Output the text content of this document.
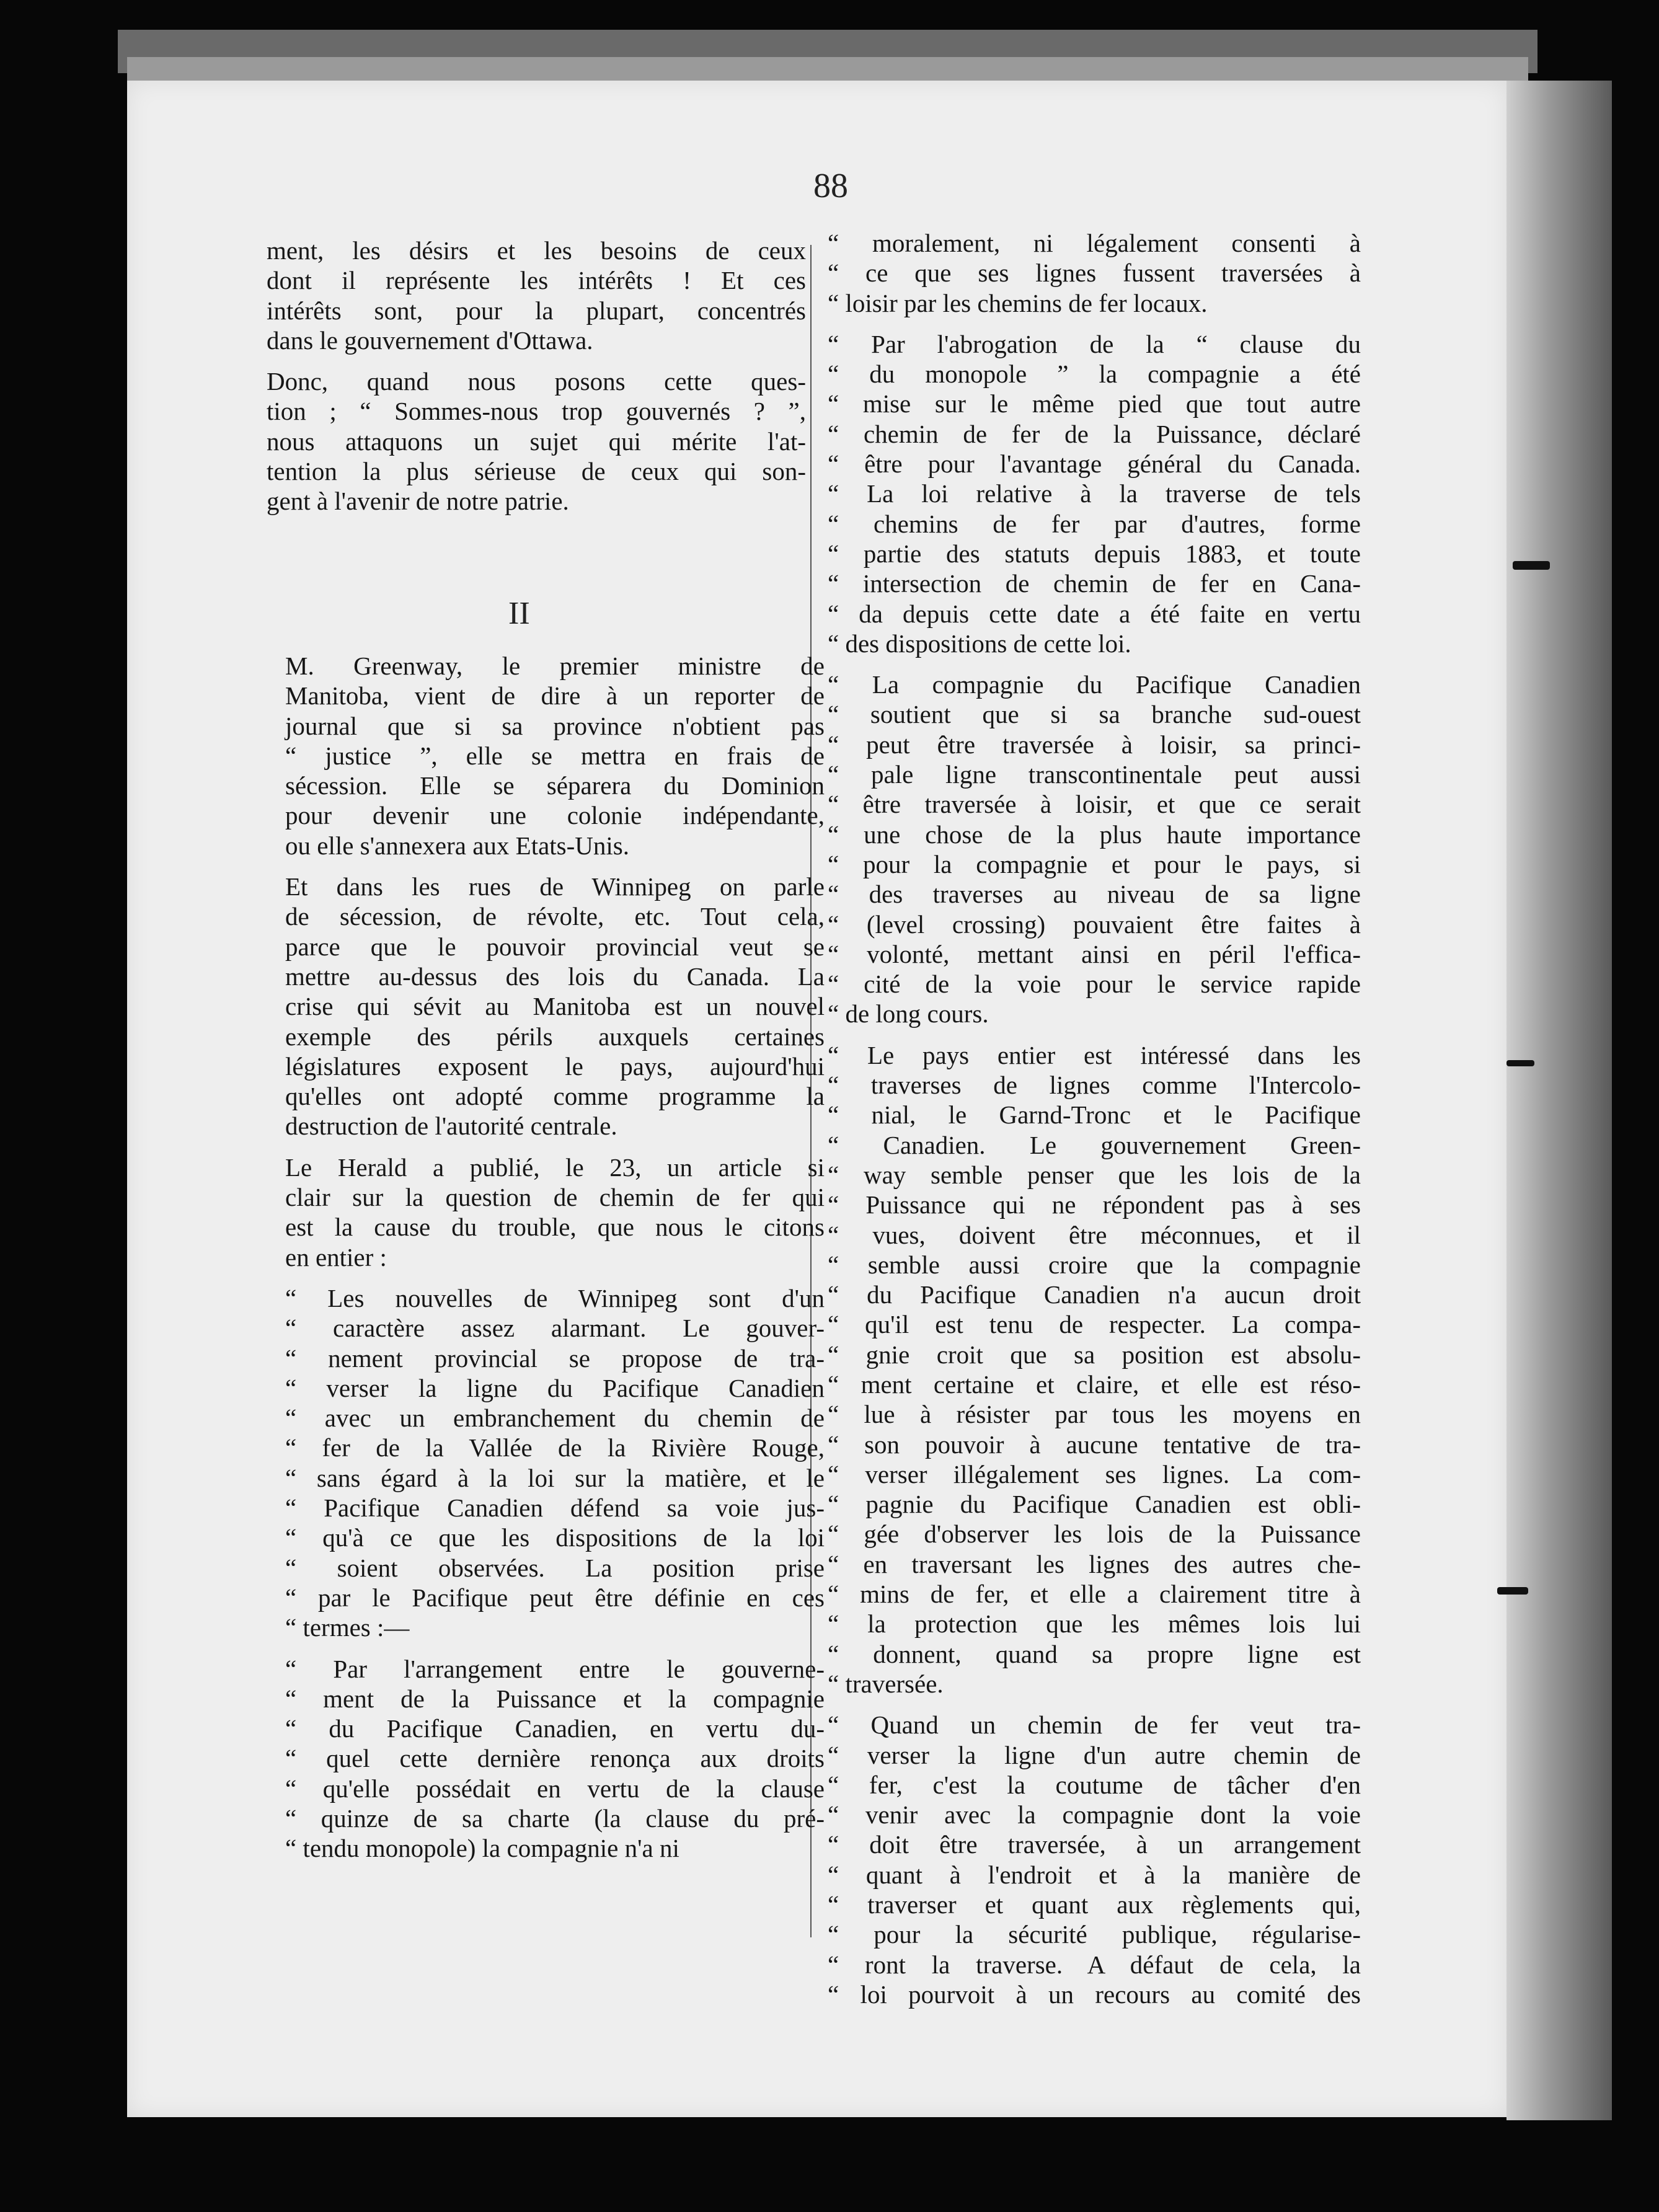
88
ment, les désirs et les besoins de ceux
dont il représente les intérêts ! Et ces
intérêts sont, pour la plupart, concentrés
dans le gouvernement d'Ottawa.
Donc, quand nous posons cette ques-
tion ; “ Sommes-nous trop gouvernés ? ”,
nous attaquons un sujet qui mérite l'at-
tention la plus sérieuse de ceux qui son-
gent à l'avenir de notre patrie.
II
M. Greenway, le premier ministre de
Manitoba, vient de dire à un reporter de
journal que si sa province n'obtient pas
“ justice ”, elle se mettra en frais de
sécession. Elle se séparera du Dominion
pour devenir une colonie indépendante,
ou elle s'annexera aux Etats-Unis.
Et dans les rues de Winnipeg on parle
de sécession, de révolte, etc. Tout cela,
parce que le pouvoir provincial veut se
mettre au-dessus des lois du Canada. La
crise qui sévit au Manitoba est un nouvel
exemple des périls auxquels certaines
législatures exposent le pays, aujourd'hui
qu'elles ont adopté comme programme la
destruction de l'autorité centrale.
Le Herald a publié, le 23, un article si
clair sur la question de chemin de fer qui
est la cause du trouble, que nous le citons
en entier :
“ Les nouvelles de Winnipeg sont d'un
“ caractère assez alarmant. Le gouver-
“ nement provincial se propose de tra-
“ verser la ligne du Pacifique Canadien
“ avec un embranchement du chemin de
“ fer de la Vallée de la Rivière Rouge,
“ sans égard à la loi sur la matière, et le
“ Pacifique Canadien défend sa voie jus-
“ qu'à ce que les dispositions de la loi
“ soient observées. La position prise
“ par le Pacifique peut être définie en ces
“ termes :—
“ Par l'arrangement entre le gouverne-
“ ment de la Puissance et la compagnie
“ du Pacifique Canadien, en vertu du-
“ quel cette dernière renonça aux droits
“ qu'elle possédait en vertu de la clause
“ quinze de sa charte (la clause du pré-
“ tendu monopole) la compagnie n'a ni
“ moralement, ni légalement consenti à
“ ce que ses lignes fussent traversées à
“ loisir par les chemins de fer locaux.
“ Par l'abrogation de la “ clause du
“ du monopole ” la compagnie a été
“ mise sur le même pied que tout autre
“ chemin de fer de la Puissance, déclaré
“ être pour l'avantage général du Canada.
“ La loi relative à la traverse de tels
“ chemins de fer par d'autres, forme
“ partie des statuts depuis 1883, et toute
“ intersection de chemin de fer en Cana-
“ da depuis cette date a été faite en vertu
“ des dispositions de cette loi.
“ La compagnie du Pacifique Canadien
“ soutient que si sa branche sud-ouest
“ peut être traversée à loisir, sa princi-
“ pale ligne transcontinentale peut aussi
“ être traversée à loisir, et que ce serait
“ une chose de la plus haute importance
“ pour la compagnie et pour le pays, si
“ des traverses au niveau de sa ligne
“ (level crossing) pouvaient être faites à
“ volonté, mettant ainsi en péril l'effica-
“ cité de la voie pour le service rapide
“ de long cours.
“ Le pays entier est intéressé dans les
“ traverses de lignes comme l'Intercolo-
“ nial, le Garnd-Tronc et le Pacifique
“ Canadien. Le gouvernement Green-
“ way semble penser que les lois de la
“ Puissance qui ne répondent pas à ses
“ vues, doivent être méconnues, et il
“ semble aussi croire que la compagnie
“ du Pacifique Canadien n'a aucun droit
“ qu'il est tenu de respecter. La compa-
“ gnie croit que sa position est absolu-
“ ment certaine et claire, et elle est réso-
“ lue à résister par tous les moyens en
“ son pouvoir à aucune tentative de tra-
“ verser illégalement ses lignes. La com-
“ pagnie du Pacifique Canadien est obli-
“ gée d'observer les lois de la Puissance
“ en traversant les lignes des autres che-
“ mins de fer, et elle a clairement titre à
“ la protection que les mêmes lois lui
“ donnent, quand sa propre ligne est
“ traversée.
“ Quand un chemin de fer veut tra-
“ verser la ligne d'un autre chemin de
“ fer, c'est la coutume de tâcher d'en
“ venir avec la compagnie dont la voie
“ doit être traversée, à un arrangement
“ quant à l'endroit et à la manière de
“ traverser et quant aux règlements qui,
“ pour la sécurité publique, régularise-
“ ront la traverse. A défaut de cela, la
“ loi pourvoit à un recours au comité des
